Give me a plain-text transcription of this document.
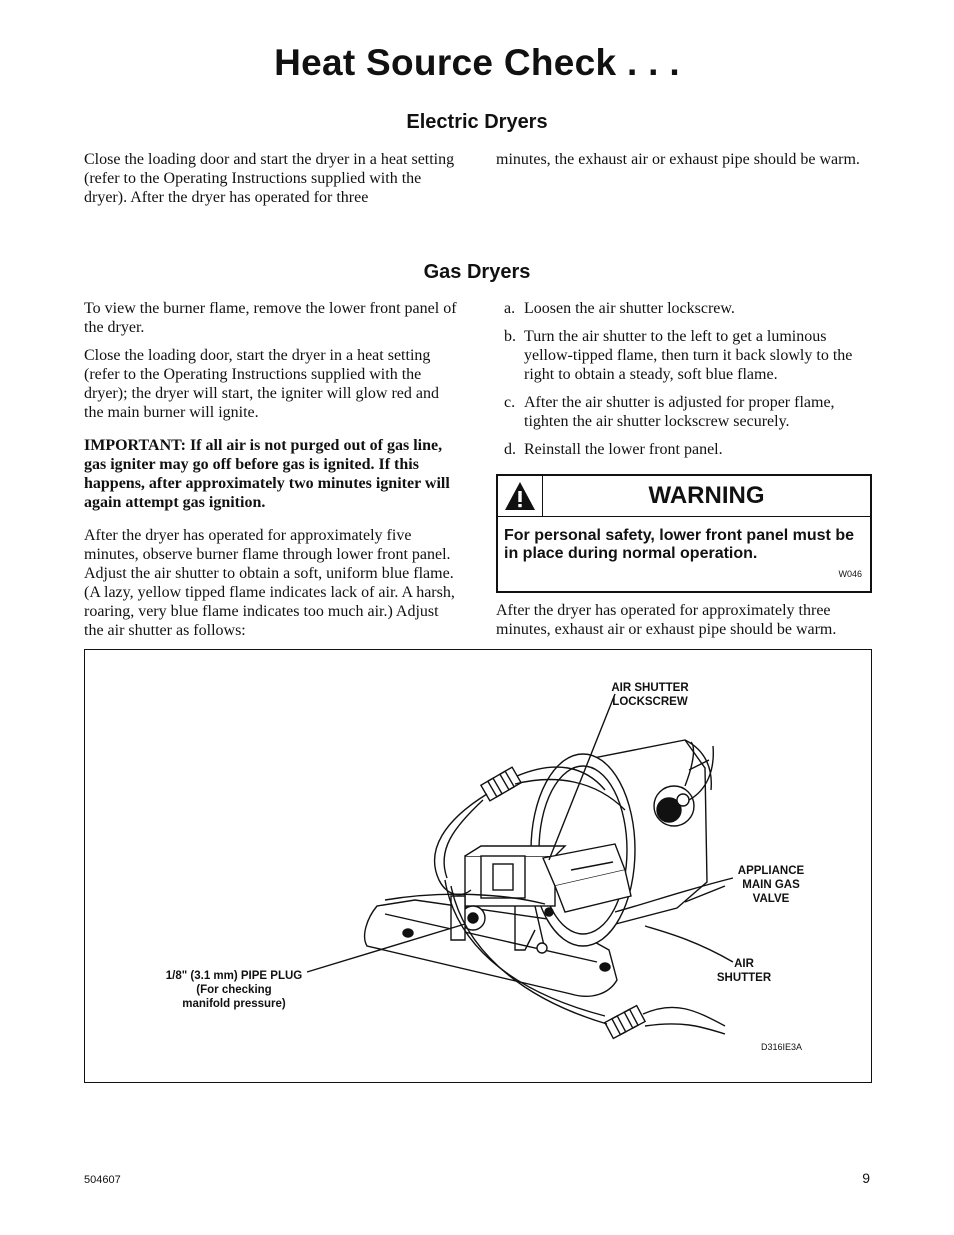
Heat Source Check . . .
Electric Dryers

Close the loading door and start the dryer in a heat setting (refer to the Operating Instructions supplied with the dryer). After the dryer has operated for three

minutes, the exhaust air or exhaust pipe should be warm.

Gas Dryers

To view the burner flame, remove the lower front panel of the dryer.

Close the loading door, start the dryer in a heat setting (refer to the Operating Instructions supplied with the dryer); the dryer will start, the igniter will glow red and the main burner will ignite.

IMPORTANT: If all air is not purged out of gas line, gas igniter may go off before gas is ignited. If this happens, after approximately two minutes igniter will again attempt gas ignition.

After the dryer has operated for approximately five minutes, observe burner flame through lower front panel. Adjust the air shutter to obtain a soft, uniform blue flame. (A lazy, yellow tipped flame indicates lack of air. A harsh, roaring, very blue flame indicates too much air.) Adjust the air shutter as follows:

a. Loosen the air shutter lockscrew.
b. Turn the air shutter to the left to get a luminous yellow-tipped flame, then turn it back slowly to the right to obtain a steady, soft blue flame.
c. After the air shutter is adjusted for proper flame, tighten the air shutter lockscrew securely.
d. Reinstall the lower front panel.
WARNING
For personal safety, lower front panel must be in place during normal operation.
W046

After the dryer has operated for approximately three minutes, exhaust air or exhaust pipe should be warm.

AIR SHUTTER
LOCKSCREW
APPLIANCE
MAIN GAS
VALVE
AIR
SHUTTER
1/8" (3.1 mm) PIPE PLUG
(For checking
manifold pressure)
D316IE3A
504607	9
